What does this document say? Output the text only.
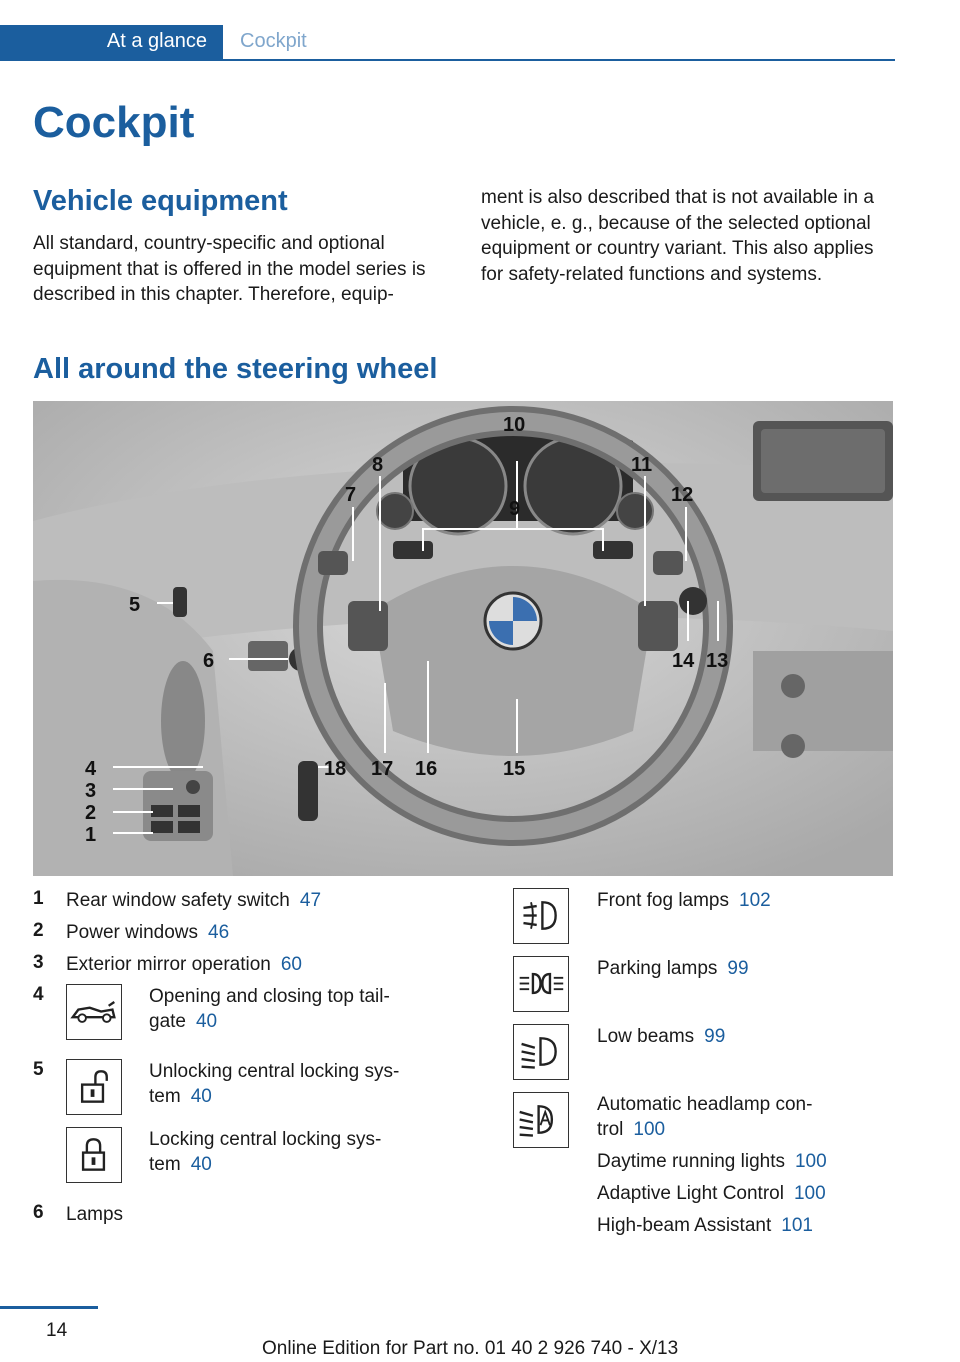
At a glance	Cockpit
Cockpit
Vehicle equipment
All standard, country-specific and optional equipment that is offered in the model series is described in this chapter. Therefore, equip-
ment is also described that is not available in a vehicle, e. g., because of the selected optional equipment or country variant. This also applies for safety-related functions and systems.
All around the steering wheel
1
2
3
4
5
6
7
8
9
10
11
12
13
14
15
16
17
18
1 Rear window safety switch 47
2 Power windows 46
3 Exterior mirror operation 60
4	Opening and closing top tail-
gate 40
5	Unlocking central locking sys-
tem 40
Locking central locking sys-
tem 40
6 Lamps
Front fog lamps 102
Parking lamps 99
Low beams 99
Automatic headlamp con-
trol 100
Daytime running lights 100
Adaptive Light Control 100
High-beam Assistant 101
14
Online Edition for Part no. 01 40 2 926 740 - X/13
